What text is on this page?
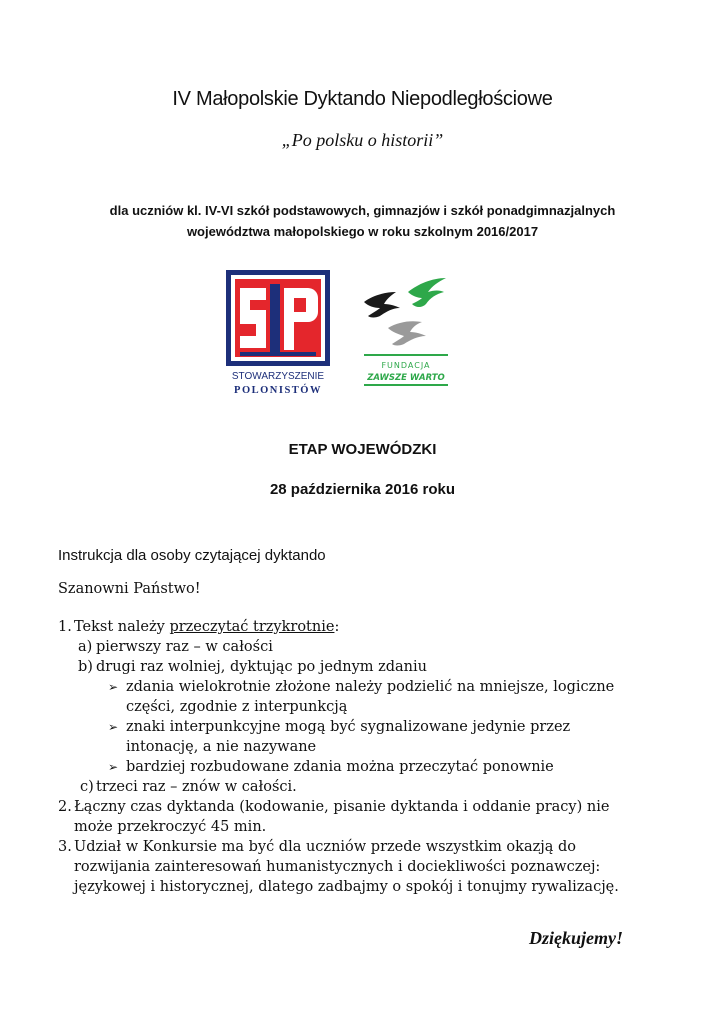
IV Małopolskie Dyktando Niepodległościowe
„Po polsku o historii”
dla uczniów kl. IV-VI szkół podstawowych, gimnazjów i szkół ponadgimnazjalnych
województwa małopolskiego w roku szkolnym 2016/2017
STOWARZYSZENIE
POLONISTÓW
FUNDACJA
ZAWSZE WARTO
ETAP WOJEWÓDZKI
28 października 2016 roku
Instrukcja dla osoby czytającej dyktando
Szanowni Państwo!
1. Tekst należy przeczytać trzykrotnie:
a) pierwszy raz – w całości
b) drugi raz wolniej, dyktując po jednym zdaniu
➢ zdania wielokrotnie złożone należy podzielić na mniejsze, logiczne
części, zgodnie z interpunkcją
➢ znaki interpunkcyjne mogą być sygnalizowane jedynie przez
intonację, a nie nazywane
➢ bardziej rozbudowane zdania można przeczytać ponownie
c) trzeci raz – znów w całości.
2. Łączny czas dyktanda (kodowanie, pisanie dyktanda i oddanie pracy) nie
może przekroczyć 45 min.
3. Udział w Konkursie ma być dla uczniów przede wszystkim okazją do
rozwijania zainteresowań humanistycznych i dociekliwości poznawczej:
językowej i historycznej, dlatego zadbajmy o spokój i tonujmy rywalizację.
Dziękujemy!
